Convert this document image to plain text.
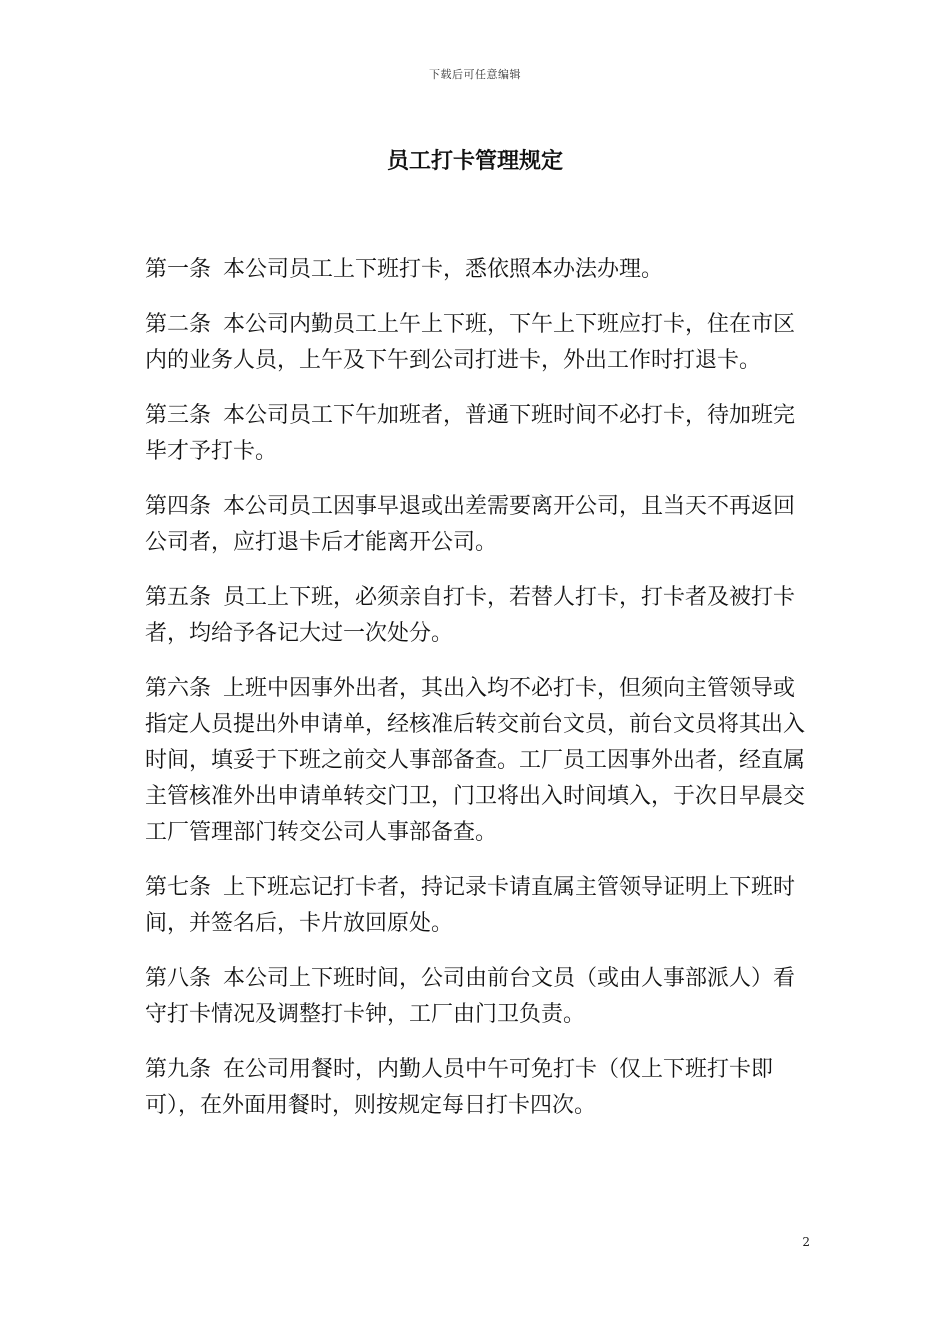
下载后可任意编辑
员工打卡管理规定

第一条 本公司员工上下班打卡，悉依照本办法办理。

第二条 本公司内勤员工上午上下班，下午上下班应打卡，住在市区内的业务人员，上午及下午到公司打进卡，外出工作时打退卡。

第三条 本公司员工下午加班者，普通下班时间不必打卡，待加班完毕才予打卡。

第四条 本公司员工因事早退或出差需要离开公司，且当天不再返回公司者，应打退卡后才能离开公司。

第五条 员工上下班，必须亲自打卡，若替人打卡，打卡者及被打卡者，均给予各记大过一次处分。

第六条 上班中因事外出者，其出入均不必打卡，但须向主管领导或指定人员提出外申请单，经核准后转交前台文员，前台文员将其出入时间，填妥于下班之前交人事部备查。工厂员工因事外出者，经直属主管核准外出申请单转交门卫，门卫将出入时间填入，于次日早晨交工厂管理部门转交公司人事部备查。

第七条 上下班忘记打卡者，持记录卡请直属主管领导证明上下班时间，并签名后，卡片放回原处。

第八条 本公司上下班时间，公司由前台文员（或由人事部派人）看守打卡情况及调整打卡钟，工厂由门卫负责。

第九条 在公司用餐时，内勤人员中午可免打卡（仅上下班打卡即可），在外面用餐时，则按规定每日打卡四次。

2
